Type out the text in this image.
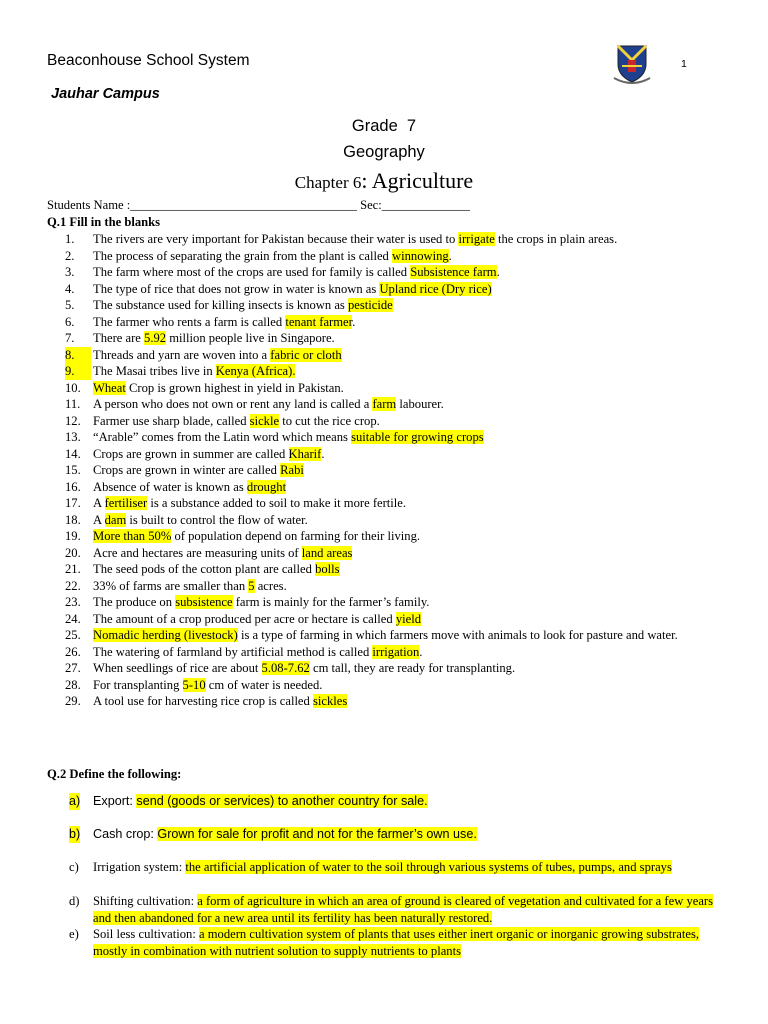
Beaconhouse School System
Jauhar Campus
1
Grade  7
Geography
Chapter 6: Agriculture
Students Name :____________________________________ Sec:______________
Q.1 Fill in the blanks
1.	The rivers are very important for Pakistan because their water is used to irrigate the crops in plain areas.
2.	The process of separating the grain from the plant is called winnowing.
3.	The farm where most of the crops are used for family is called Subsistence farm.
4.	The type of rice that does not grow in water is known as Upland rice (Dry rice)
5.	The substance used for killing insects is known as pesticide
6.	The farmer who rents a farm is called tenant farmer.
7.	There are 5.92 million people live in Singapore.
8.	Threads and yarn are woven into a fabric or cloth
9.	The Masai tribes live in Kenya (Africa).
10. Wheat Crop is grown highest in yield in Pakistan.
11.	A person who does not own or rent any land is called a farm labourer.
12. Farmer use sharp blade, called sickle to cut the rice crop.
13. “Arable” comes from the Latin word which means suitable for growing crops
14. Crops are grown in summer are called Kharif.
15. Crops are grown in winter are called Rabi
16. Absence of water is known as drought
17. A fertiliser is a substance added to soil to make it more fertile.
18. A dam is built to control the flow of water.
19. More than 50% of population depend on farming for their living.
20. Acre and hectares are measuring units of land areas
21. The seed pods of the cotton plant are called bolls
22. 33% of farms are smaller than 5 acres.
23. The produce on subsistence farm is mainly for the farmer’s family.
24. The amount of a crop produced per acre or hectare is called yield
25. Nomadic herding (livestock) is a type of farming in which farmers move with animals to look for pasture and water.
26. The watering of farmland by artificial method is called irrigation.
27. When seedlings of rice are about 5.08-7.62 cm tall, they are ready for transplanting.
28. For transplanting 5-10 cm of water is needed.
29. A tool use for harvesting rice crop is called sickles
Q.2 Define the following:
a) Export: send (goods or services) to another country for sale.
b) Cash crop: Grown for sale for profit and not for the farmer’s own use.
c) Irrigation system: the artificial application of water to the soil through various systems of tubes, pumps, and sprays
d) Shifting cultivation: a form of agriculture in which an area of ground is cleared of vegetation and cultivated for a few years and then abandoned for a new area until its fertility has been naturally restored.
e) Soil less cultivation: a modern cultivation system of plants that uses either inert organic or inorganic growing substrates, mostly in combination with nutrient solution to supply nutrients to plants
